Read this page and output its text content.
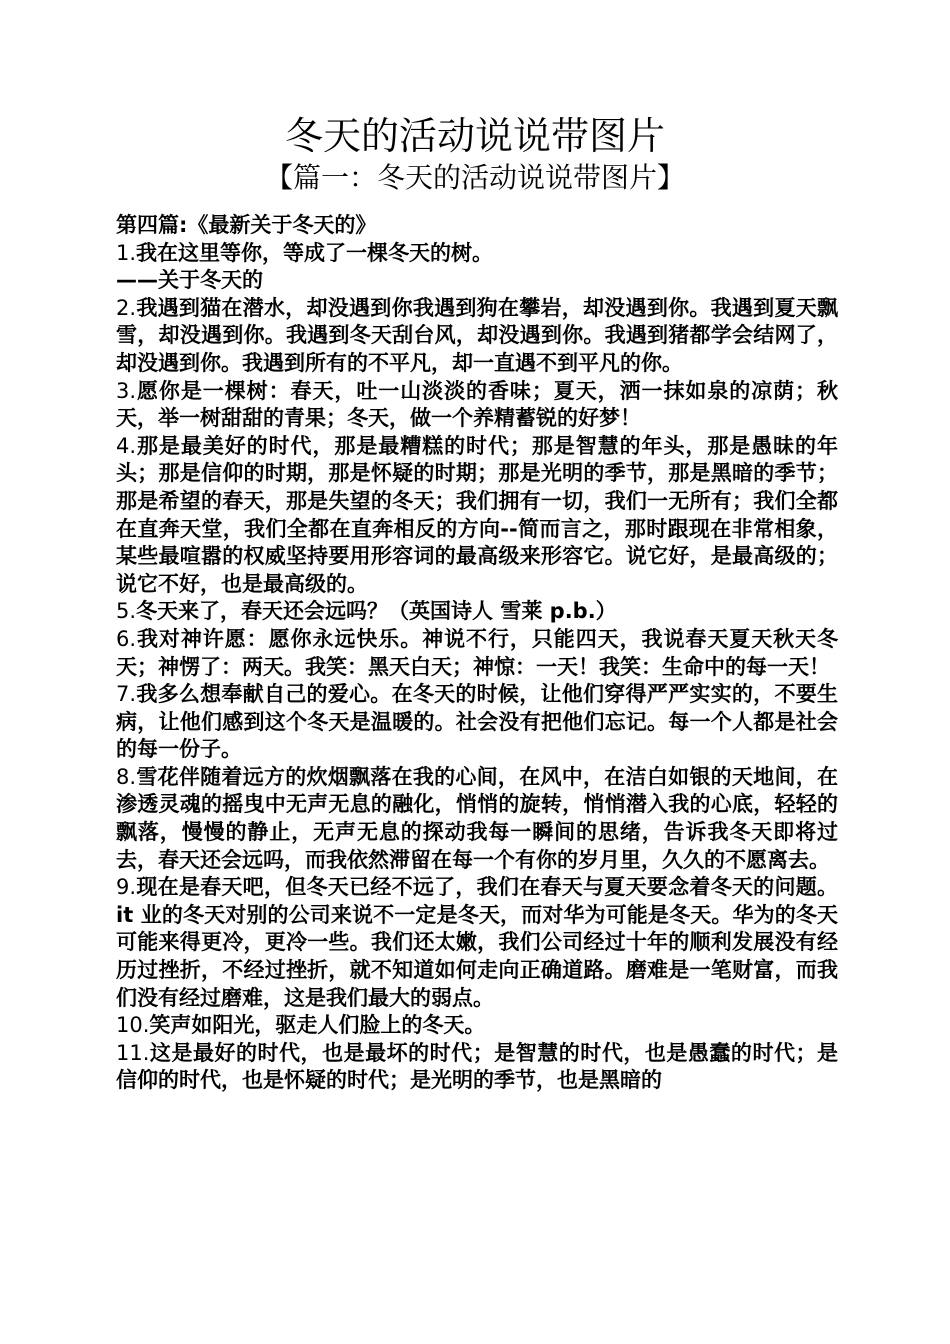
冬天的活动说说带图片
【篇一：冬天的活动说说带图片】

第四篇:《最新关于冬天的》

1.我在这里等你，等成了一棵冬天的树。

——关于冬天的

2.我遇到猫在潜水，却没遇到你我遇到狗在攀岩，却没遇到你。我遇到夏天飘雪，却没遇到你。我遇到冬天刮台风，却没遇到你。我遇到猪都学会结网了，却没遇到你。我遇到所有的不平凡，却一直遇不到平凡的你。

3.愿你是一棵树：春天，吐一山淡淡的香味；夏天，洒一抹如泉的凉荫；秋天，举一树甜甜的青果；冬天，做一个养精蓄锐的好梦！

4.那是最美好的时代，那是最糟糕的时代；那是智慧的年头，那是愚昧的年头；那是信仰的时期，那是怀疑的时期；那是光明的季节，那是黑暗的季节；那是希望的春天，那是失望的冬天；我们拥有一切，我们一无所有；我们全都在直奔天堂，我们全都在直奔相反的方向--简而言之，那时跟现在非常相象，某些最喧嚣的权威坚持要用形容词的最高级来形容它。说它好，是最高级的；说它不好，也是最高级的。

5.冬天来了，春天还会远吗？（英国诗人 雪莱 p.b.）

6.我对神许愿：愿你永远快乐。神说不行，只能四天，我说春天夏天秋天冬天；神愣了：两天。我笑：黑天白天；神惊：一天！我笑：生命中的每一天！

7.我多么想奉献自己的爱心。在冬天的时候，让他们穿得严严实实的，不要生病，让他们感到这个冬天是温暖的。社会没有把他们忘记。每一个人都是社会的每一份子。

8.雪花伴随着远方的炊烟飘落在我的心间，在风中，在洁白如银的天地间，在渗透灵魂的摇曳中无声无息的融化，悄悄的旋转，悄悄潜入我的心底，轻轻的飘落，慢慢的静止，无声无息的探动我每一瞬间的思绪，告诉我冬天即将过去，春天还会远吗，而我依然滞留在每一个有你的岁月里，久久的不愿离去。

9.现在是春天吧，但冬天已经不远了，我们在春天与夏天要念着冬天的问题。it 业的冬天对别的公司来说不一定是冬天，而对华为可能是冬天。华为的冬天可能来得更冷，更冷一些。我们还太嫩，我们公司经过十年的顺利发展没有经历过挫折，不经过挫折，就不知道如何走向正确道路。磨难是一笔财富，而我们没有经过磨难，这是我们最大的弱点。

10.笑声如阳光，驱走人们脸上的冬天。

11.这是最好的时代，也是最坏的时代；是智慧的时代，也是愚蠢的时代；是信仰的时代，也是怀疑的时代；是光明的季节，也是黑暗的
